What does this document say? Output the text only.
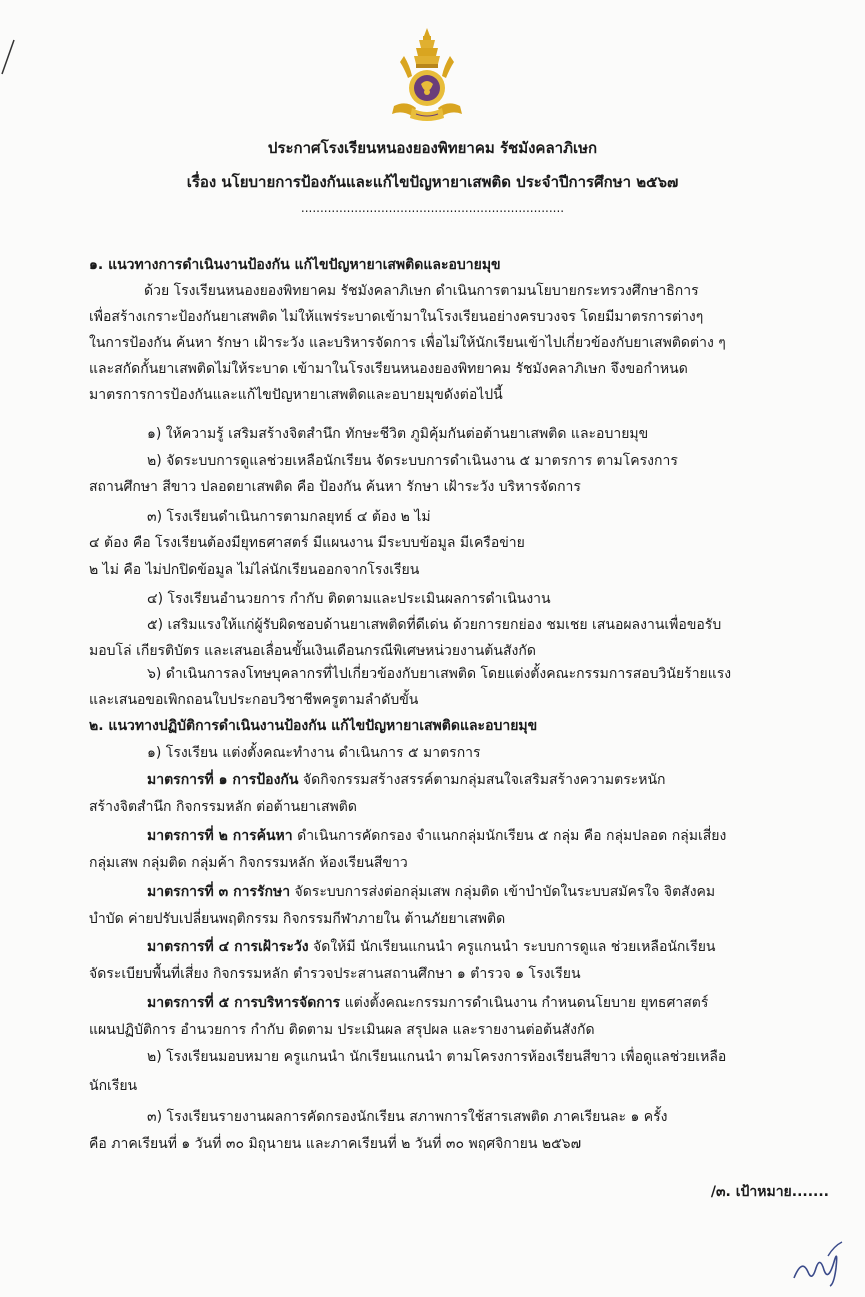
ประกาศโรงเรียนหนองยองพิทยาคม รัชมังคลาภิเษก
เรื่อง นโยบายการป้องกันและแก้ไขปัญหายาเสพติด ประจำปีการศึกษา ๒๕๖๗
.....................................................................
๑. แนวทางการดำเนินงานป้องกัน แก้ไขปัญหายาเสพติดและอบายมุข
ด้วย โรงเรียนหนองยองพิทยาคม รัชมังคลาภิเษก ดำเนินการตามนโยบายกระทรวงศึกษาธิการ
เพื่อสร้างเกราะป้องกันยาเสพติด ไม่ให้แพร่ระบาดเข้ามาในโรงเรียนอย่างครบวงจร โดยมีมาตรการต่างๆ
ในการป้องกัน ค้นหา รักษา เฝ้าระวัง และบริหารจัดการ เพื่อไม่ให้นักเรียนเข้าไปเกี่ยวข้องกับยาเสพติดต่าง ๆ
และสกัดกั้นยาเสพติดไม่ให้ระบาด เข้ามาในโรงเรียนหนองยองพิทยาคม รัชมังคลาภิเษก จึงขอกำหนด
มาตรการการป้องกันและแก้ไขปัญหายาเสพติดและอบายมุขดังต่อไปนี้
๑) ให้ความรู้ เสริมสร้างจิตสำนึก ทักษะชีวิต ภูมิคุ้มกันต่อต้านยาเสพติด และอบายมุข
๒) จัดระบบการดูแลช่วยเหลือนักเรียน จัดระบบการดำเนินงาน ๕ มาตรการ ตามโครงการ
สถานศึกษา สีขาว ปลอดยาเสพติด คือ ป้องกัน ค้นหา รักษา เฝ้าระวัง บริหารจัดการ
๓) โรงเรียนดำเนินการตามกลยุทธ์ ๔ ต้อง ๒ ไม่
๔ ต้อง คือ โรงเรียนต้องมียุทธศาสตร์ มีแผนงาน มีระบบข้อมูล มีเครือข่าย
๒ ไม่ คือ ไม่ปกปิดข้อมูล ไม่ไล่นักเรียนออกจากโรงเรียน
๔) โรงเรียนอำนวยการ กำกับ ติดตามและประเมินผลการดำเนินงาน
๕) เสริมแรงให้แก่ผู้รับผิดชอบด้านยาเสพติดที่ดีเด่น ด้วยการยกย่อง ชมเชย เสนอผลงานเพื่อขอรับ
มอบโล่ เกียรติบัตร และเสนอเลื่อนขั้นเงินเดือนกรณีพิเศษหน่วยงานต้นสังกัด
๖) ดำเนินการลงโทษบุคลากรที่ไปเกี่ยวข้องกับยาเสพติด โดยแต่งตั้งคณะกรรมการสอบวินัยร้ายแรง
และเสนอขอเพิกถอนใบประกอบวิชาชีพครูตามลำดับขั้น
๒. แนวทางปฏิบัติการดำเนินงานป้องกัน แก้ไขปัญหายาเสพติดและอบายมุข
๑) โรงเรียน แต่งตั้งคณะทำงาน ดำเนินการ ๕ มาตรการ
มาตรการที่ ๑ การป้องกัน จัดกิจกรรมสร้างสรรค์ตามกลุ่มสนใจเสริมสร้างความตระหนัก
สร้างจิตสำนึก กิจกรรมหลัก ต่อต้านยาเสพติด
มาตรการที่ ๒ การค้นหา ดำเนินการคัดกรอง จำแนกกลุ่มนักเรียน ๕ กลุ่ม คือ กลุ่มปลอด กลุ่มเสี่ยง
กลุ่มเสพ กลุ่มติด กลุ่มค้า กิจกรรมหลัก ห้องเรียนสีขาว
มาตรการที่ ๓ การรักษา จัดระบบการส่งต่อกลุ่มเสพ กลุ่มติด เข้าบำบัดในระบบสมัครใจ จิตสังคม
บำบัด ค่ายปรับเปลี่ยนพฤติกรรม กิจกรรมกีฬาภายใน ต้านภัยยาเสพติด
มาตรการที่ ๔ การเฝ้าระวัง จัดให้มี นักเรียนแกนนำ ครูแกนนำ ระบบการดูแล ช่วยเหลือนักเรียน
จัดระเบียบพื้นที่เสี่ยง กิจกรรมหลัก ตำรวจประสานสถานศึกษา ๑ ตำรวจ ๑ โรงเรียน
มาตรการที่ ๕ การบริหารจัดการ แต่งตั้งคณะกรรมการดำเนินงาน กำหนดนโยบาย ยุทธศาสตร์
แผนปฏิบัติการ อำนวยการ กำกับ ติดตาม ประเมินผล สรุปผล และรายงานต่อต้นสังกัด
๒) โรงเรียนมอบหมาย ครูแกนนำ นักเรียนแกนนำ ตามโครงการห้องเรียนสีขาว เพื่อดูแลช่วยเหลือ
นักเรียน
๓) โรงเรียนรายงานผลการคัดกรองนักเรียน สภาพการใช้สารเสพติด ภาคเรียนละ ๑ ครั้ง
คือ ภาคเรียนที่ ๑ วันที่ ๓๐ มิถุนายน และภาคเรียนที่ ๒ วันที่ ๓๐ พฤศจิกายน ๒๕๖๗
/๓. เป้าหมาย.......
